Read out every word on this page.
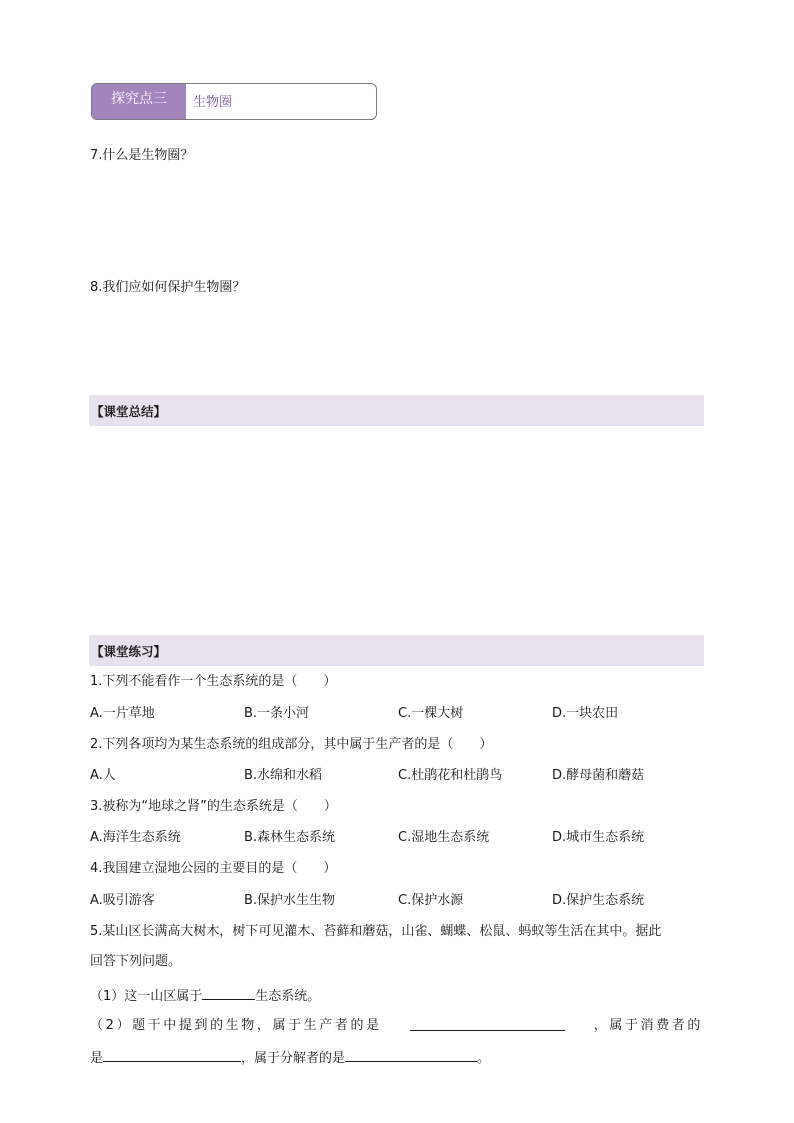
探究点三	生物圈
7.什么是生物圈？
8.我们应如何保护生物圈？
【课堂总结】
【课堂练习】
1.下列不能看作一个生态系统的是（　　）
A.一片草地	B.一条小河	C.一棵大树	D.一块农田
2.下列各项均为某生态系统的组成部分，其中属于生产者的是（　　）
A.人	B.水绵和水稻	C.杜鹃花和杜鹃鸟	D.酵母菌和蘑菇
3.被称为“地球之肾”的生态系统是（　　）
A.海洋生态系统	B.森林生态系统	C.湿地生态系统	D.城市生态系统
4.我国建立湿地公园的主要目的是（　　）
A.吸引游客	B.保护水生生物	C.保护水源	D.保护生态系统
5.某山区长满高大树木，树下可见灌木、苔藓和蘑菇，山雀、蝴蝶、松鼠、蚂蚁等生活在其中。据此
回答下列问题。
（1）这一山区属于	生态系统。
（2）题干中提到的生物，属于生产者的是	，属于消费者的
是	，属于分解者的是	。
